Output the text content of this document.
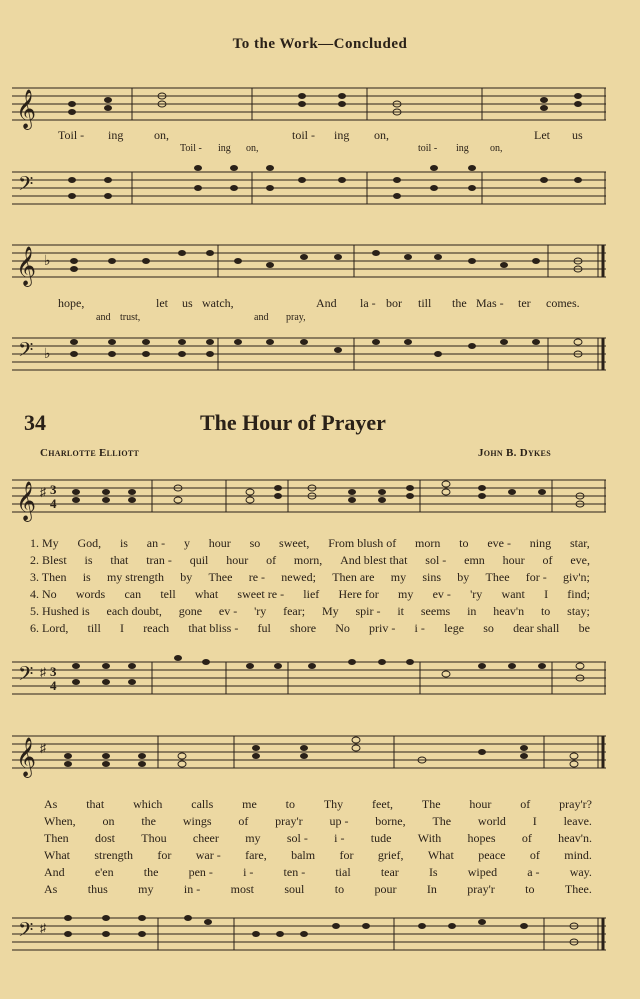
To the Work—Concluded
𝄞
Toil - ing	on,	toil - ing on,	Let us
Toil - ing on,	toil - ing on,
𝄢
𝄞 ♭
hope,	let us watch,	And la - bor till the Mas - ter comes.
and trust,	and pray,
𝄢 ♭
34	The Hour of Prayer
Charlotte Elliott	John B. Dykes
𝄞 ♯ 3
4
1. My God, is an - y hour so sweet, From blush of morn to eve - ning star,
2. Blest is that tran - quil hour of morn, And blest that sol - emn hour of eve,
3. Then is my strength by Thee re - newed; Then are my sins by Thee for - giv'n;
4. No words can tell what sweet re - lief Here for my ev - 'ry want I find;
5. Hushed is each doubt, gone ev - 'ry fear; My spir - it seems in heav'n to stay;
6. Lord, till I reach that bliss - ful shore No priv - i - lege so dear shall be
𝄢 ♯ 3
4
𝄞 ♯
As that which calls me to Thy feet, The hour of pray'r?
When, on the wings of pray'r up - borne, The world I leave.
Then dost Thou cheer my sol - i - tude With hopes of heav'n.
What strength for war - fare, balm for grief, What peace of mind.
And	e'en	the	pen -	i -	ten -	tial	tear	Is	wiped	a -	way.
As	thus	my	in -	most	soul	to	pour	In	pray'r	to	Thee.
𝄢 ♯
